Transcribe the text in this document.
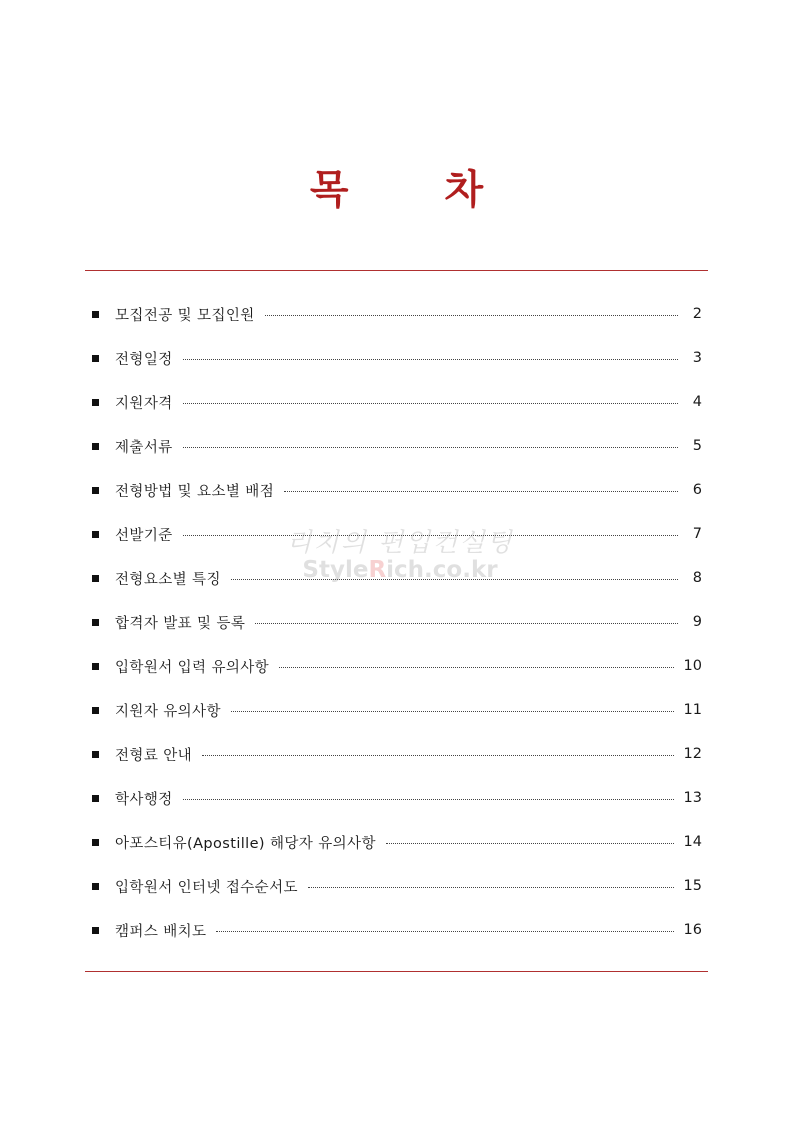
목 차
모집전공 및 모집인원	2
전형일정	3
지원자격	4
제출서류	5
전형방법 및 요소별 배점	6
선발기준	7
전형요소별 특징	8
합격자 발표 및 등록	9
입학원서 입력 유의사항	10
지원자 유의사항	11
전형료 안내	12
학사행정	13
아포스티유(Apostille) 해당자 유의사항	14
입학원서 인터넷 접수순서도	15
캠퍼스 배치도	16
리치의 편입컨설팅
StyleRich.co.kr
